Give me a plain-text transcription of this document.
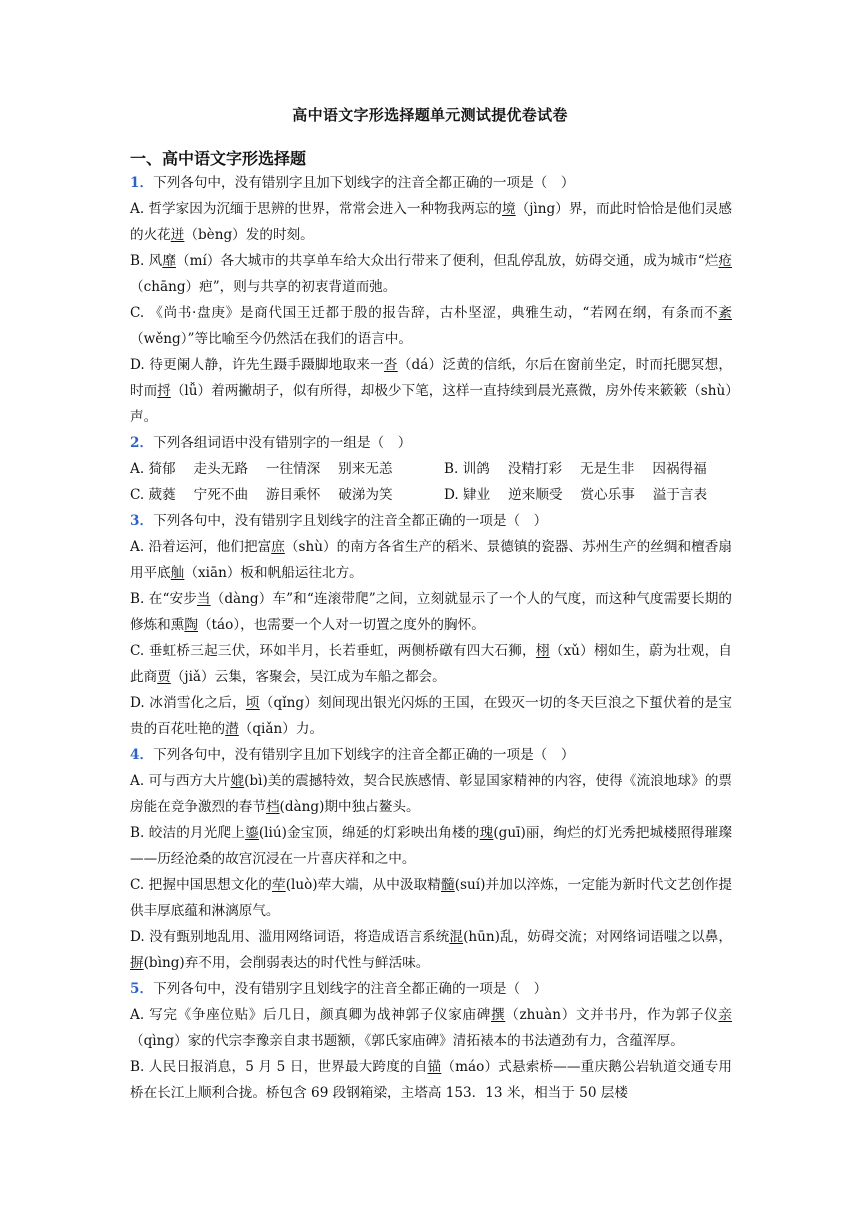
高中语文字形选择题单元测试提优卷试卷
一、高中语文字形选择题

1．下列各句中，没有错别字且加下划线字的注音全都正确的一项是（　）

A. 哲学家因为沉缅于思辨的世界，常常会进入一种物我两忘的境（jìng）界，而此时恰恰是他们灵感的火花迸（bèng）发的时刻。

B. 风靡（mí）各大城市的共享单车给大众出行带来了便利，但乱停乱放，妨碍交通，成为城市“烂疮（chāng）疤”，则与共享的初衷背道而弛。

C. 《尚书·盘庚》是商代国王迁都于殷的报告辞，古朴坚涩，典雅生动，“若网在纲，有条而不紊（wěng）”等比喻至今仍然活在我们的语言中。

D. 待更阑人静，许先生蹑手蹑脚地取来一沓（dá）泛黄的信纸，尔后在窗前坐定，时而托腮冥想，时而捋（lǚ）着两撇胡子，似有所得，却极少下笔，这样一直持续到晨光熹微，房外传来簌簌（shù）声。

2．下列各组词语中没有错别字的一组是（　）

A. 猗郁　 走头无路　 一往情深　 别来无恙	B. 训鸽　 没精打彩　 无是生非　 因祸得福
C. 葳蕤　 宁死不曲　 游目乘怀　 破涕为笑	D. 肄业　 逆来顺受　 赏心乐事　 溢于言表

3．下列各句中，没有错别字且划线字的注音全都正确的一项是（　）

A. 沿着运河，他们把富庶（shù）的南方各省生产的稻米、景德镇的瓷器、苏州生产的丝绸和檀香扇用平底舢（xiān）板和帆船运往北方。

B. 在“安步当（dàng）车”和“连滚带爬”之间，立刻就显示了一个人的气度，而这种气度需要长期的修炼和熏陶（táo），也需要一个人对一切置之度外的胸怀。

C. 垂虹桥三起三伏，环如半月，长若垂虹，两侧桥礅有四大石狮，栩（xǔ）栩如生，蔚为壮观，自此商贾（jiǎ）云集，客聚会，吴江成为车船之都会。

D. 冰消雪化之后，顷（qǐng）刻间现出银光闪烁的王国，在毁灭一切的冬天巨浪之下蜇伏着的是宝贵的百花吐艳的潜（qiǎn）力。

4．下列各句中，没有错别字且加下划线字的注音全都正确的一项是（　）

A. 可与西方大片媲(bì)美的震撼特效，契合民族感情、彰显国家精神的内容，使得《流浪地球》的票房能在竞争激烈的春节档(dàng)期中独占鳌头。

B. 皎洁的月光爬上鎏(liú)金宝顶，绵延的灯彩映出角楼的瑰(guī)丽，绚烂的灯光秀把城楼照得璀璨——历经沧桑的故宫沉浸在一片喜庆祥和之中。

C. 把握中国思想文化的荦(luò)荦大端，从中汲取精髓(suí)并加以淬炼，一定能为新时代文艺创作提供丰厚底蕴和淋漓原气。

D. 没有甄别地乱用、滥用网络词语，将造成语言系统混(hūn)乱，妨碍交流；对网络词语嗤之以鼻，摒(bìng)弃不用，会削弱表达的时代性与鲜活味。

5．下列各句中，没有错别字且划线字的注音全都正确的一项是（　）

A. 写完《争座位贴》后几日，颜真卿为战神郭子仪家庙碑撰（zhuàn）文并书丹，作为郭子仪亲（qìng）家的代宗李豫亲自隶书题额，《郭氏家庙碑》清拓裱本的书法遒劲有力，含蕴浑厚。

B. 人民日报消息，5 月 5 日，世界最大跨度的自锚（máo）式悬索桥——重庆鹅公岩轨道交通专用桥在长江上顺利合拢。桥包含 69 段钢箱梁，主塔高 153．13 米，相当于 50 层楼
